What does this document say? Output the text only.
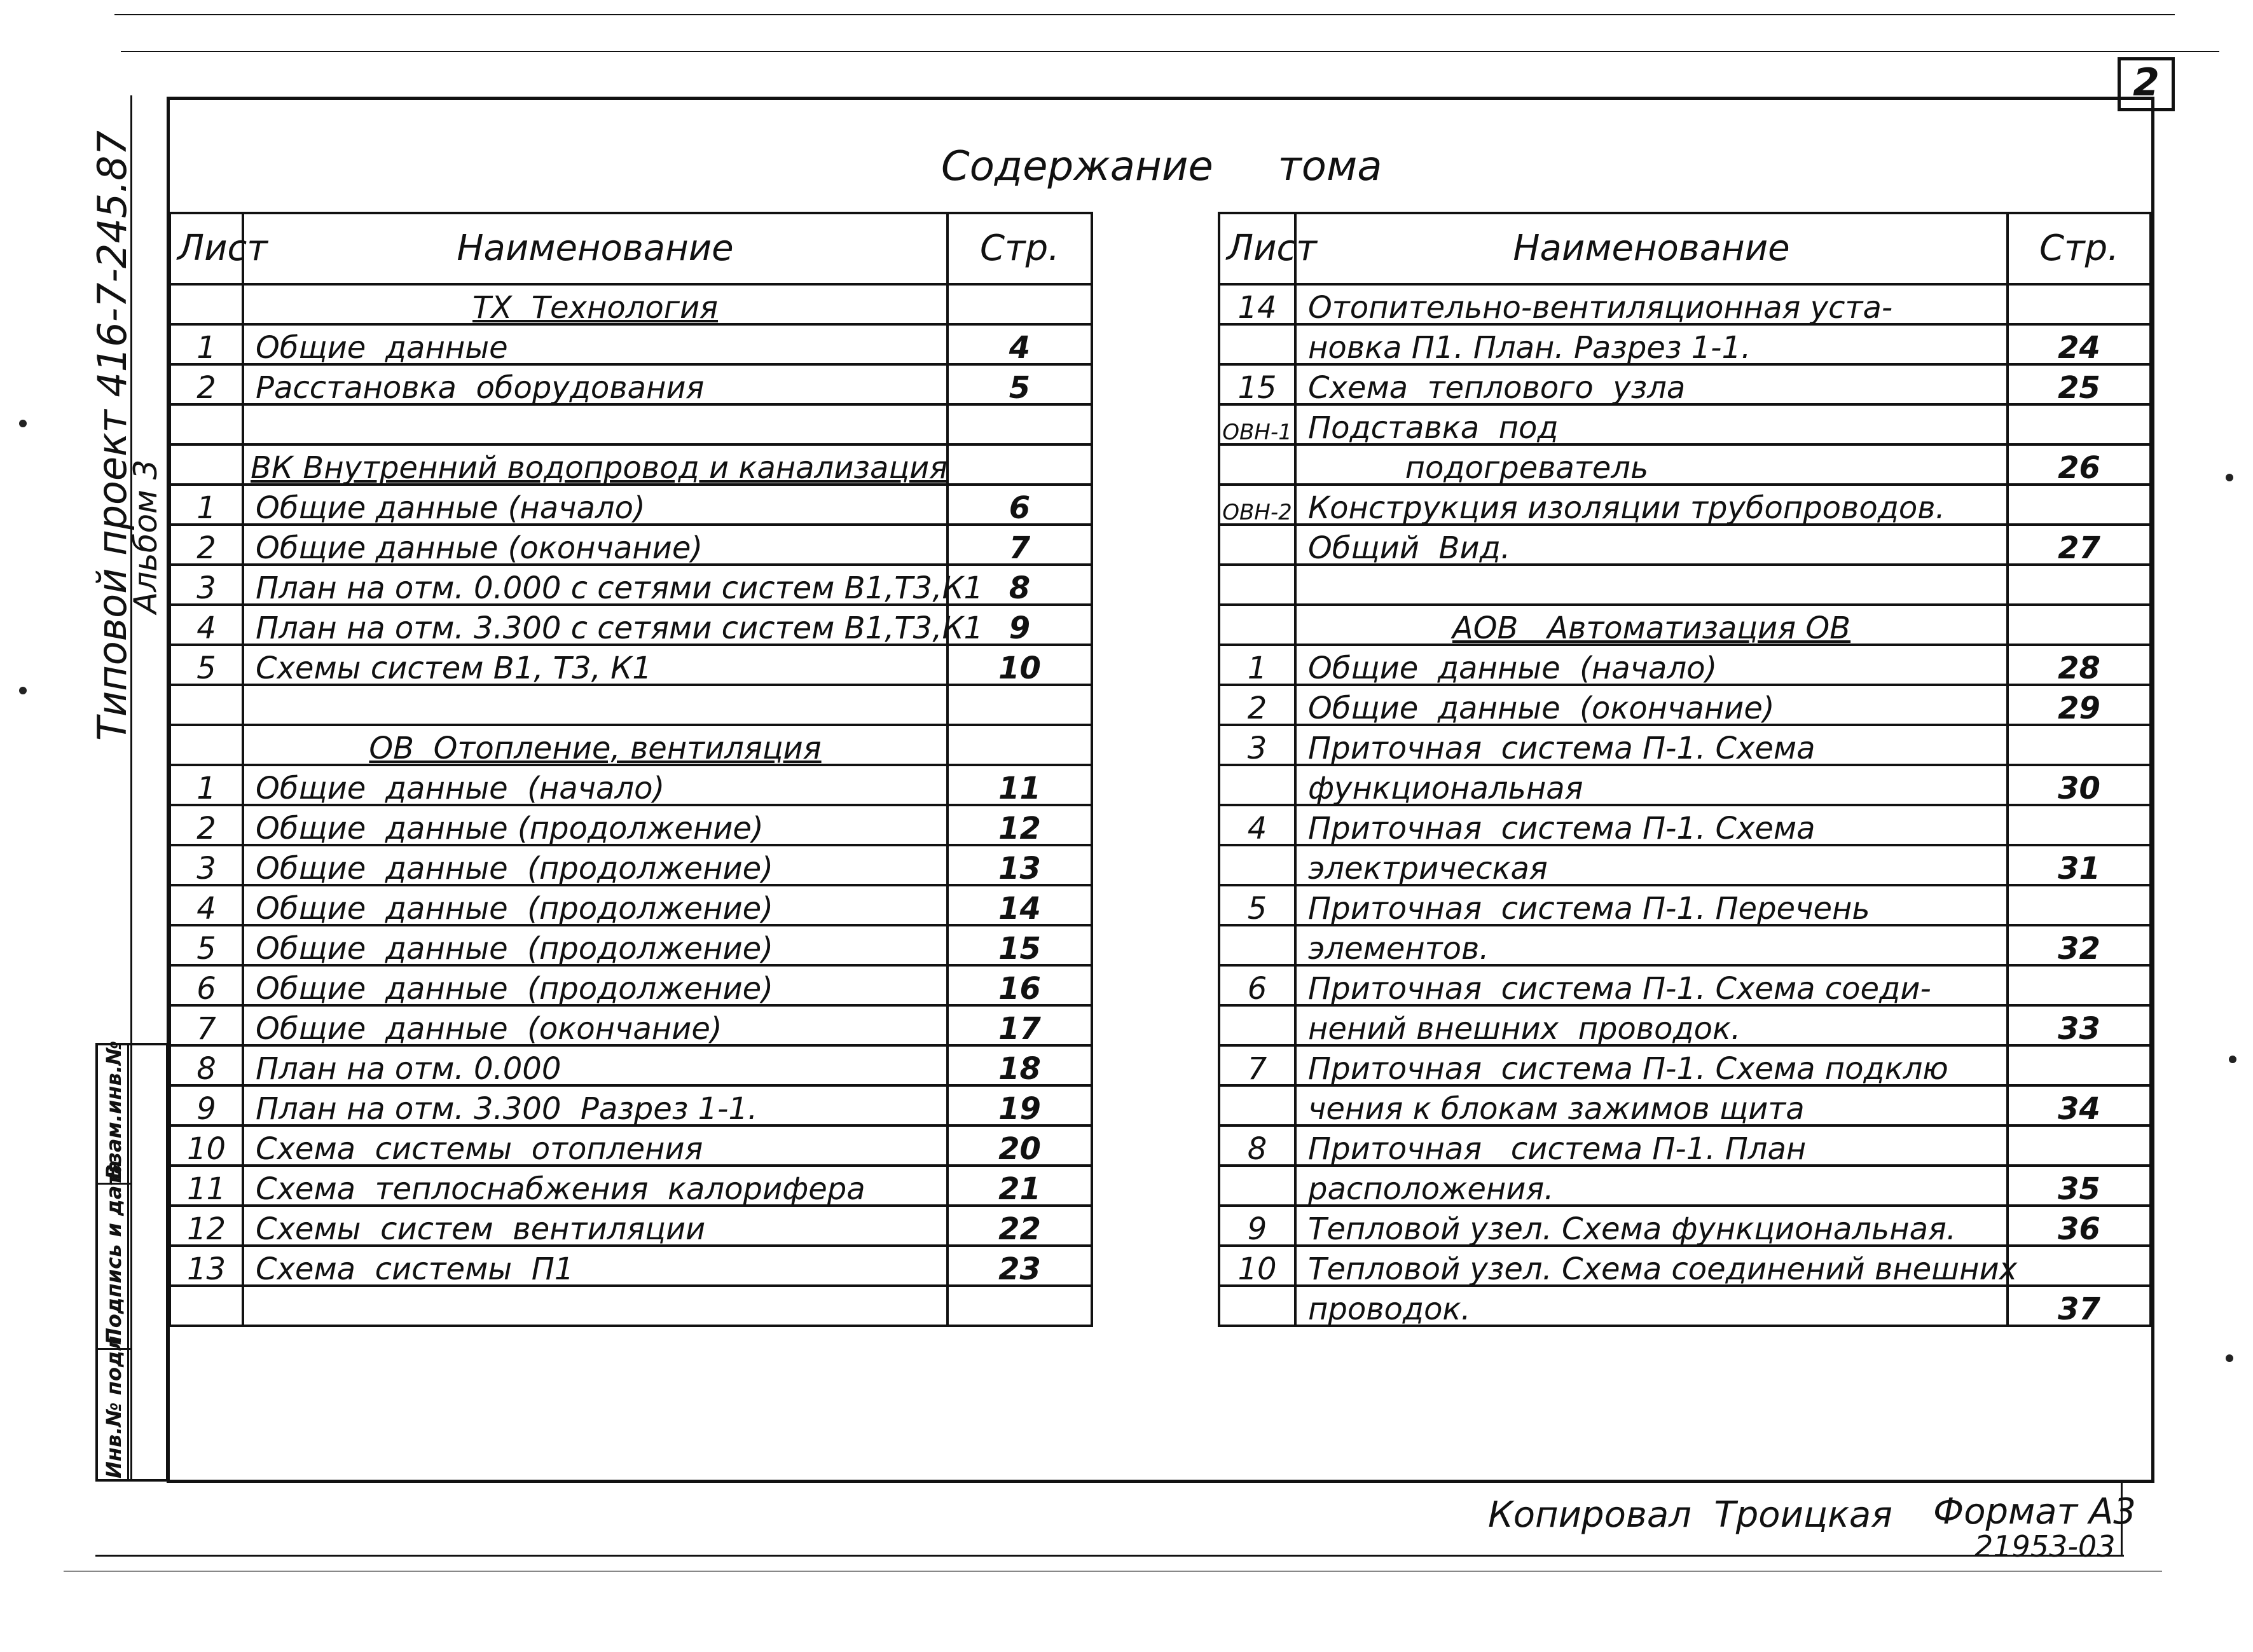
2
Типовой проект 416-7-245.87
Альбом 3
Взам.инв.№
Подпись и дата
Инв.№ подл.
Содержание     тома
Лист	Наименование	Стр.
	ТХ  Технология	
1	Общие  данные	4
2	Расстановка  оборудования	5

	ВК Внутренний водопровод и канализация	
1	Общие данные (начало)	6
2	Общие данные (окончание)	7
3	План на отм. 0.000 с сетями систем В1,Т3,К1	8
4	План на отм. 3.300 с сетями систем В1,Т3,К1	9
5	Схемы систем В1, Т3, К1	10

	ОВ  Отопление, вентиляция	
1	Общие  данные  (начало)	11
2	Общие  данные (продолжение)	12
3	Общие  данные  (продолжение)	13
4	Общие  данные  (продолжение)	14
5	Общие  данные  (продолжение)	15
6	Общие  данные  (продолжение)	16
7	Общие  данные  (окончание)	17
8	План на отм. 0.000	18
9	План на отм. 3.300  Разрез 1-1.	19
10	Схема  системы  отопления	20
11	Схема  теплоснабжения  калорифера	21
12	Схемы  систем  вентиляции	22
13	Схема  системы  П1	23

Лист	Наименование	Стр.
14	Отопительно-вентиляционная уста-	
	новка П1. План. Разрез 1-1.	24
15	Схема  теплового  узла	25
ОВН-1	Подставка  под	
	подогреватель	26
ОВН-2	Конструкция изоляции трубопроводов.	
	Общий  Вид.	27

	АОВ   Автоматизация ОВ	
1	Общие  данные  (начало)	28
2	Общие  данные  (окончание)	29
3	Приточная  система П-1. Схема	
	функциональная	30
4	Приточная  система П-1. Схема	
	электрическая	31
5	Приточная  система П-1. Перечень	
	элементов.	32
6	Приточная  система П-1. Схема соеди-	
	нений внешних  проводок.	33
7	Приточная  система П-1. Схема подклю	
	чения к блокам зажимов щита	34
8	Приточная   система П-1. План	
	расположения.	35
9	Тепловой узел. Схема функциональная.	36
10	Тепловой узел. Схема соединений внешних	
	проводок.	37
Копировал  Троицкая Формат А3
21953-03
